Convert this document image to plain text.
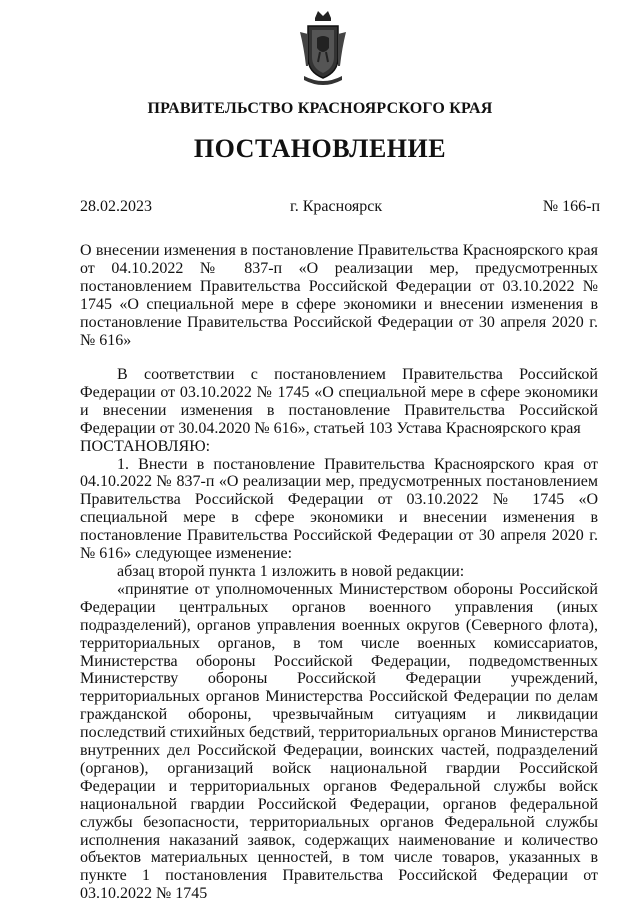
ПРАВИТЕЛЬСТВО КРАСНОЯРСКОГО КРАЯ
ПОСТАНОВЛЕНИЕ
28.02.2023	г. Красноярск	№ 166-п
О внесении изменения в постановление Правительства Красноярского края от 04.10.2022 № 837-п «О реализации мер, предусмотренных постановлением Правительства Российской Федерации от 03.10.2022 № 1745 «О специальной мере в сфере экономики и внесении изменения в постановление Правительства Российской Федерации от 30 апреля 2020 г. № 616»

В соответствии с постановлением Правительства Российской Федерации от 03.10.2022 № 1745 «О специальной мере в сфере экономики и внесении изменения в постановление Правительства Российской Федерации от 30.04.2020 № 616», статьей 103 Устава Красноярского края

ПОСТАНОВЛЯЮ:

1. Внести в постановление Правительства Красноярского края от 04.10.2022 № 837-п «О реализации мер, предусмотренных постановлением Правительства Российской Федерации от 03.10.2022 № 1745 «О специальной мере в сфере экономики и внесении изменения в постановление Правительства Российской Федерации от 30 апреля 2020 г. № 616» следующее изменение:

абзац второй пункта 1 изложить в новой редакции:

«принятие от уполномоченных Министерством обороны Российской Федерации центральных органов военного управления (иных подразделений), органов управления военных округов (Северного флота), территориальных органов, в том числе военных комиссариатов, Министерства обороны Российской Федерации, подведомственных Министерству обороны Российской Федерации учреждений, территориальных органов Министерства Российской Федерации по делам гражданской обороны, чрезвычайным ситуациям и ликвидации последствий стихийных бедствий, территориальных органов Министерства внутренних дел Российской Федерации, воинских частей, подразделений (органов), организаций войск национальной гвардии Российской Федерации и территориальных органов Федеральной службы войск национальной гвардии Российской Федерации, органов федеральной службы безопасности, территориальных органов Федеральной службы исполнения наказаний заявок, содержащих наименование и количество объектов материальных ценностей, в том числе товаров, указанных в пункте 1 постановления Правительства Российской Федерации от 03.10.2022 № 1745
